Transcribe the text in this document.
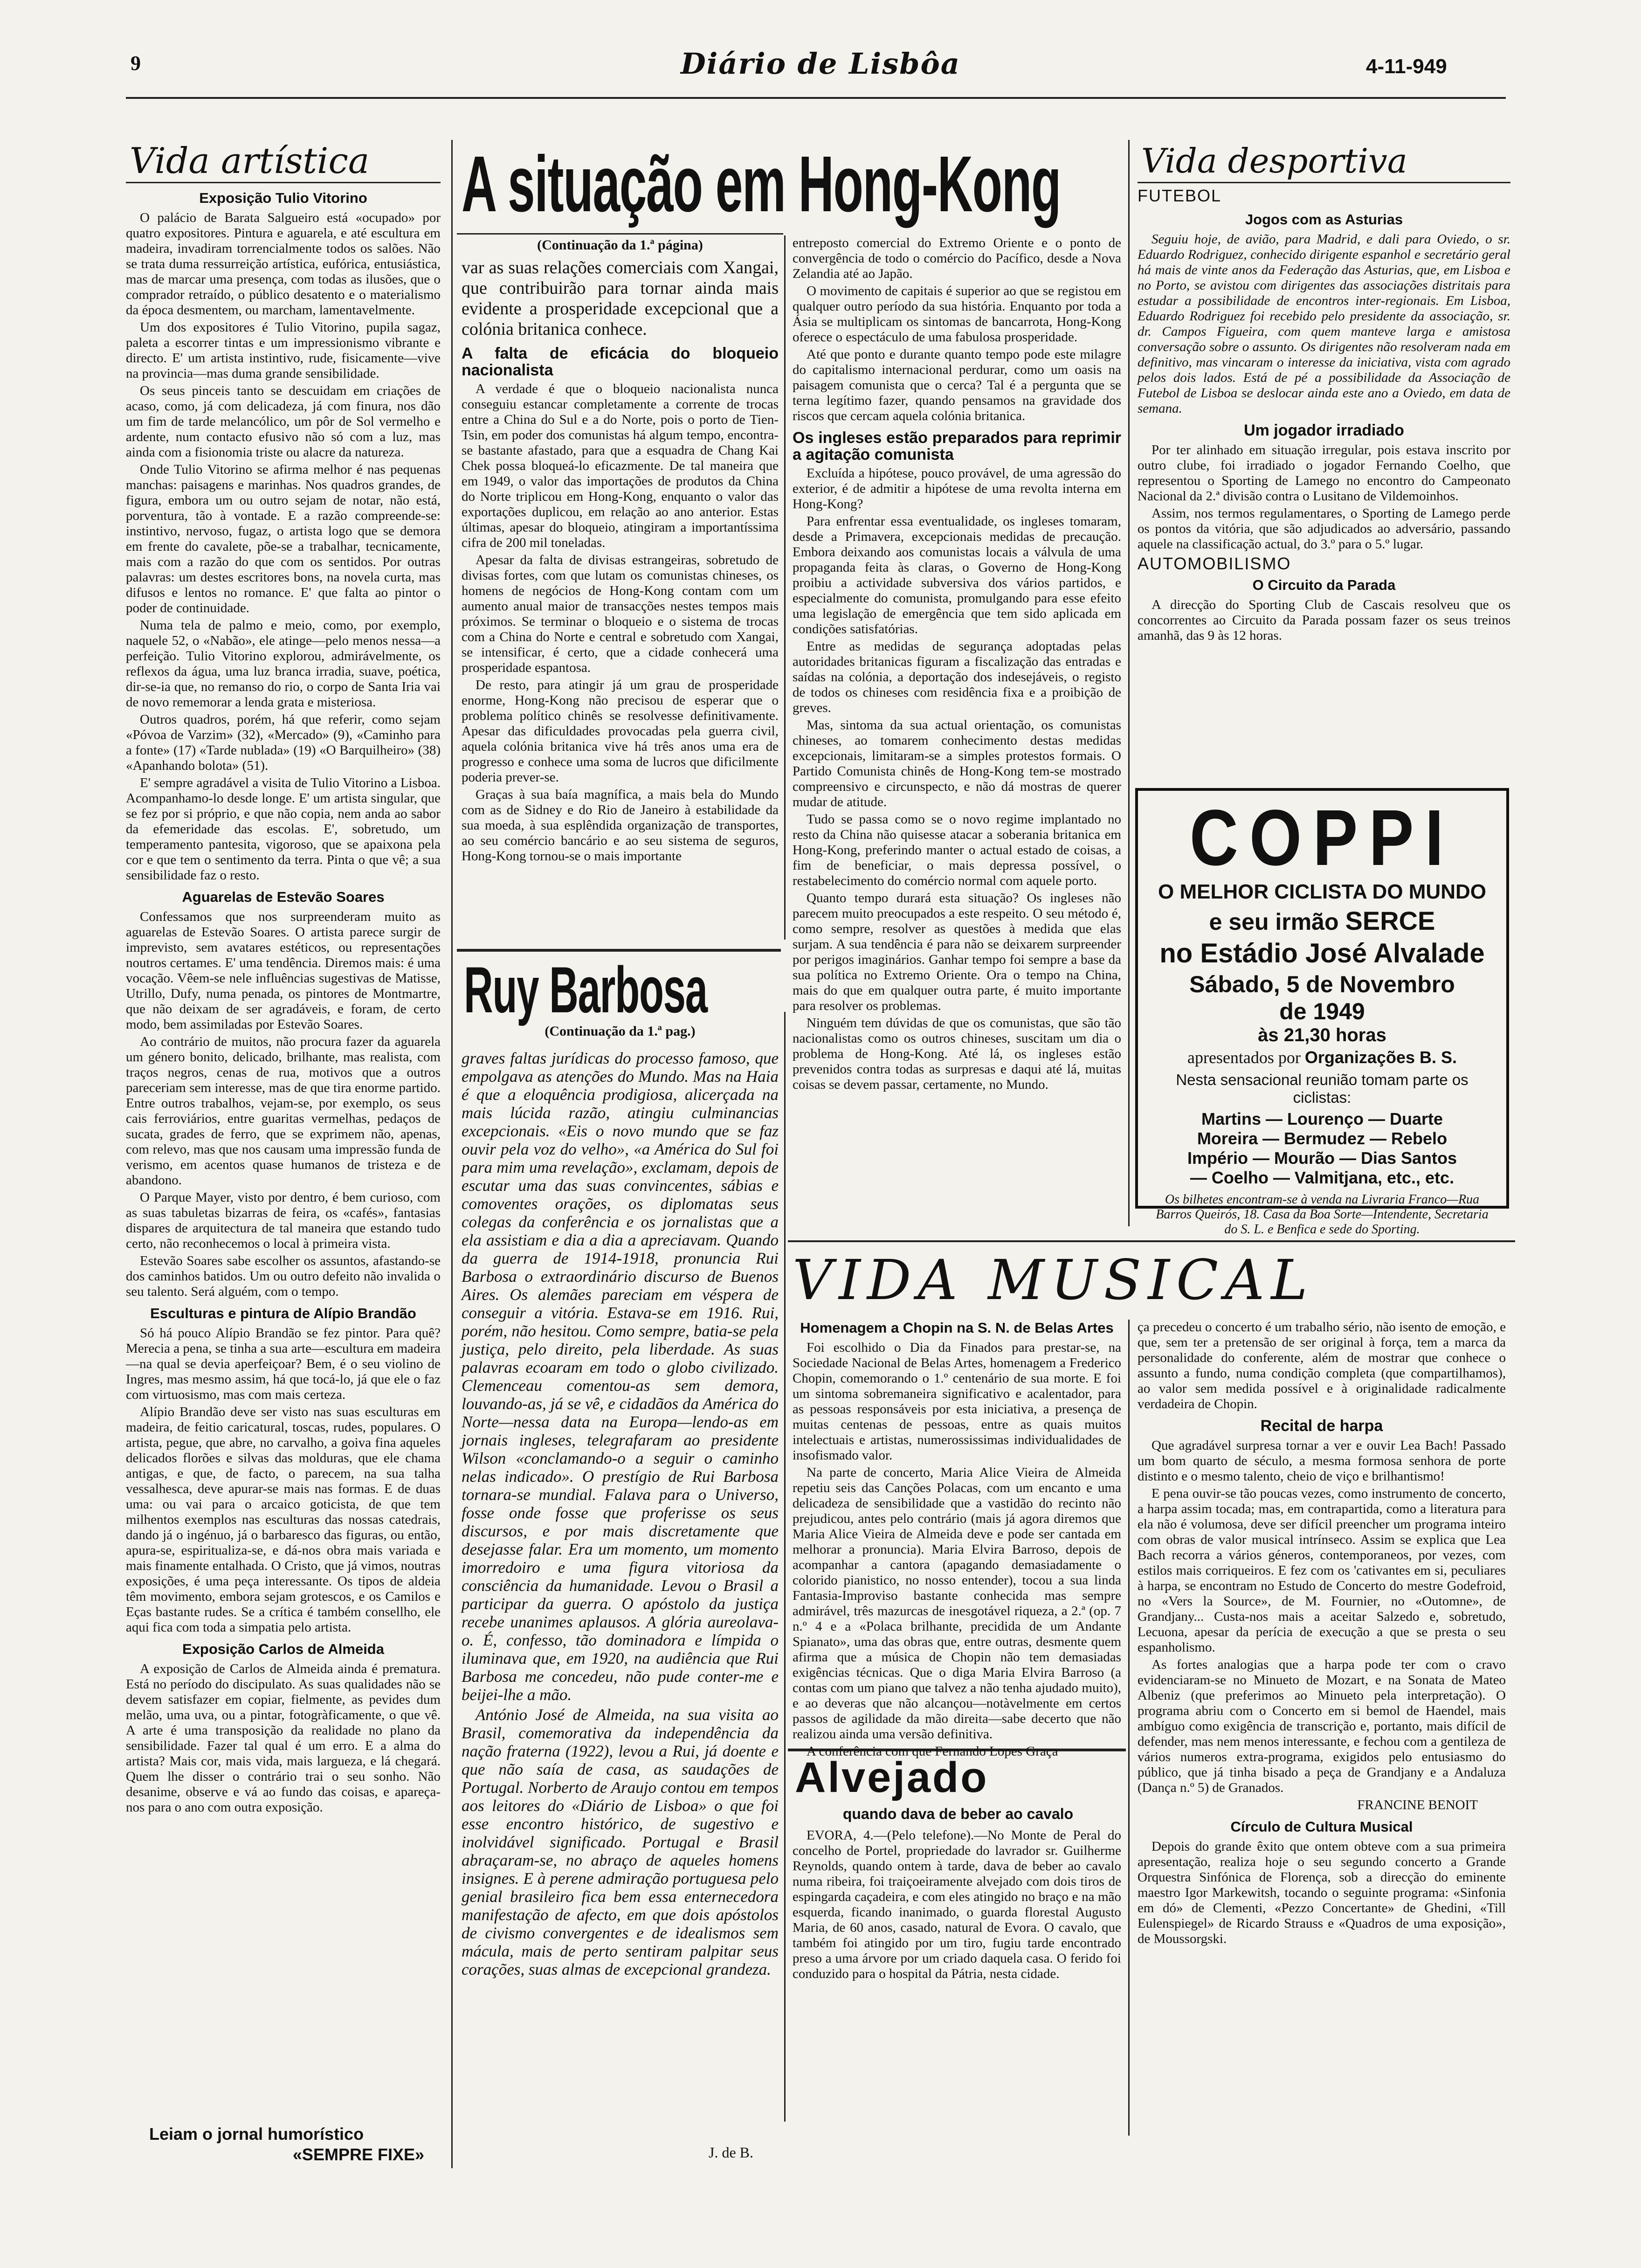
9	Diário de Lisbôa	4-11-949
Vida artística
Exposição Tulio Vitorino

O palácio de Barata Salgueiro está «ocupado» por quatro expositores. Pintura e aguarela, e até escultura em madeira, invadiram torrencialmente todos os salões. Não se trata duma ressurreição artística, eufórica, entusiástica, mas de marcar uma presença, com todas as ilusões, que o comprador retraído, o público desatento e o materialismo da época desmentem, ou marcham, lamentavelmente.

Um dos expositores é Tulio Vitorino, pupila sagaz, paleta a escorrer tintas e um impressionismo vibrante e directo. E' um artista instintivo, rude, fisicamente—vive na provincia—mas duma grande sensibilidade.

Os seus pinceis tanto se descuidam em criações de acaso, como, já com delicadeza, já com finura, nos dão um fim de tarde melancólico, um pôr de Sol vermelho e ardente, num contacto efusivo não só com a luz, mas ainda com a fisionomia triste ou alacre da natureza.

Onde Tulio Vitorino se afirma melhor é nas pequenas manchas: paisagens e marinhas. Nos quadros grandes, de figura, embora um ou outro sejam de notar, não está, porventura, tão à vontade. E a razão compreende-se: instintivo, nervoso, fugaz, o artista logo que se demora em frente do cavalete, põe-se a trabalhar, tecnicamente, mais com a razão do que com os sentidos. Por outras palavras: um destes escritores bons, na novela curta, mas difusos e lentos no romance. E' que falta ao pintor o poder de continuidade.

Numa tela de palmo e meio, como, por exemplo, naquele 52, o «Nabão», ele atinge—pelo menos nessa—a perfeição. Tulio Vitorino explorou, admirávelmente, os reflexos da água, uma luz branca irradia, suave, poética, dir-se-ia que, no remanso do rio, o corpo de Santa Iria vai de novo rememorar a lenda grata e misteriosa.

Outros quadros, porém, há que referir, como sejam «Póvoa de Varzim» (32), «Mercado» (9), «Caminho para a fonte» (17) «Tarde nublada» (19) «O Barquilheiro» (38) «Apanhando bolota» (51).

E' sempre agradável a visita de Tulio Vitorino a Lisboa. Acompanhamo-lo desde longe. E' um artista singular, que se fez por si próprio, e que não copia, nem anda ao sabor da efemeridade das escolas. E', sobretudo, um temperamento pantesita, vigoroso, que se apaixona pela cor e que tem o sentimento da terra. Pinta o que vê; a sua sensibilidade faz o resto.

Aguarelas de Estevão Soares

Confessamos que nos surpreenderam muito as aguarelas de Estevão Soares. O artista parece surgir de imprevisto, sem avatares estéticos, ou representações noutros certames. E' uma tendência. Diremos mais: é uma vocação. Vêem-se nele influências sugestivas de Matisse, Utrillo, Dufy, numa penada, os pintores de Montmartre, que não deixam de ser agradáveis, e foram, de certo modo, bem assimiladas por Estevão Soares.

Ao contrário de muitos, não procura fazer da aguarela um género bonito, delicado, brilhante, mas realista, com traços negros, cenas de rua, motivos que a outros pareceriam sem interesse, mas de que tira enorme partido. Entre outros trabalhos, vejam-se, por exemplo, os seus cais ferroviários, entre guaritas vermelhas, pedaços de sucata, grades de ferro, que se exprimem não, apenas, com relevo, mas que nos causam uma impressão funda de verismo, em acentos quase humanos de tristeza e de abandono.

O Parque Mayer, visto por dentro, é bem curioso, com as suas tabuletas bizarras de feira, os «cafés», fantasias dispares de arquitectura de tal maneira que estando tudo certo, não reconhecemos o local à primeira vista.

Estevão Soares sabe escolher os assuntos, afastando-se dos caminhos batidos. Um ou outro defeito não invalida o seu talento. Será alguém, com o tempo.

Esculturas e pintura de Alípio Brandão

Só há pouco Alípio Brandão se fez pintor. Para quê? Merecia a pena, se tinha a sua arte—escultura em madeira—na qual se devia aperfeiçoar? Bem, é o seu violino de Ingres, mas mesmo assim, há que tocá-lo, já que ele o faz com virtuosismo, mas com mais certeza.

Alípio Brandão deve ser visto nas suas esculturas em madeira, de feitio caricatural, toscas, rudes, populares. O artista, pegue, que abre, no carvalho, a goiva fina aqueles delicados florões e silvas das molduras, que ele chama antigas, e que, de facto, o parecem, na sua talha vessalhesca, deve apurar-se mais nas formas. E de duas uma: ou vai para o arcaico goticista, de que tem milhentos exemplos nas esculturas das nossas catedrais, dando já o ingénuo, já o barbaresco das figuras, ou então, apura-se, espiritualiza-se, e dá-nos obra mais variada e mais finamente entalhada. O Cristo, que já vimos, noutras exposições, é uma peça interessante. Os tipos de aldeia têm movimento, embora sejam grotescos, e os Camilos e Eças bastante rudes. Se a crítica é também consellho, ele aqui fica com toda a simpatia pelo artista.

Exposição Carlos de Almeida

A exposição de Carlos de Almeida ainda é prematura. Está no período do discipulato. As suas qualidades não se devem satisfazer em copiar, fielmente, as pevides dum melão, uma uva, ou a pintar, fotogràficamente, o que vê. A arte é uma transposição da realidade no plano da sensibilidade. Fazer tal qual é um erro. E a alma do artista? Mais cor, mais vida, mais largueza, e lá chegará. Quem lhe disser o contrário trai o seu sonho. Não desanime, observe e vá ao fundo das coisas, e apareça-nos para o ano com outra exposição.

Leiam o jornal humorístico
«SEMPRE FIXE»
A situação em Hong-Kong
(Continuação da 1.ª página)
var as suas relações comerciais com Xangai, que contribuirão para tornar ainda mais evidente a prosperidade excepcional que a colónia britanica conhece.
A falta de eficácia do bloqueio nacionalista

A verdade é que o bloqueio nacionalista nunca conseguiu estancar completamente a corrente de trocas entre a China do Sul e a do Norte, pois o porto de Tien-Tsin, em poder dos comunistas há algum tempo, encontra-se bastante afastado, para que a esquadra de Chang Kai Chek possa bloqueá-lo eficazmente. De tal maneira que em 1949, o valor das importações de produtos da China do Norte triplicou em Hong-Kong, enquanto o valor das exportações duplicou, em relação ao ano anterior. Estas últimas, apesar do bloqueio, atingiram a importantíssima cifra de 200 mil toneladas.

Apesar da falta de divisas estrangeiras, sobretudo de divisas fortes, com que lutam os comunistas chineses, os homens de negócios de Hong-Kong contam com um aumento anual maior de transacções nestes tempos mais próximos. Se terminar o bloqueio e o sistema de trocas com a China do Norte e central e sobretudo com Xangai, se intensificar, é certo, que a cidade conhecerá uma prosperidade espantosa.

De resto, para atingir já um grau de prosperidade enorme, Hong-Kong não precisou de esperar que o problema político chinês se resolvesse definitivamente. Apesar das dificuldades provocadas pela guerra civil, aquela colónia britanica vive há três anos uma era de progresso e conhece uma soma de lucros que dificilmente poderia prever-se.

Graças à sua baía magnífica, a mais bela do Mundo com as de Sidney e do Rio de Janeiro à estabilidade da sua moeda, à sua esplêndida organização de transportes, ao seu comércio bancário e ao seu sistema de seguros, Hong-Kong tornou-se o mais importante

entreposto comercial do Extremo Oriente e o ponto de convergência de todo o comércio do Pacífico, desde a Nova Zelandia até ao Japão.

O movimento de capitais é superior ao que se registou em qualquer outro período da sua história. Enquanto por toda a Ásia se multiplicam os sintomas de bancarrota, Hong-Kong oferece o espectáculo de uma fabulosa prosperidade.

Até que ponto e durante quanto tempo pode este milagre do capitalismo internacional perdurar, como um oasis na paisagem comunista que o cerca? Tal é a pergunta que se terna legítimo fazer, quando pensamos na gravidade dos riscos que cercam aquela colónia britanica.

Os ingleses estão preparados para reprimir a agitação comunista

Excluída a hipótese, pouco provável, de uma agressão do exterior, é de admitir a hipótese de uma revolta interna em Hong-Kong?

Para enfrentar essa eventualidade, os ingleses tomaram, desde a Primavera, excepcionais medidas de precaução. Embora deixando aos comunistas locais a válvula de uma propaganda feita às claras, o Governo de Hong-Kong proibiu a actividade subversiva dos vários partidos, e especialmente do comunista, promulgando para esse efeito uma legislação de emergência que tem sido aplicada em condições satisfatórias.

Entre as medidas de segurança adoptadas pelas autoridades britanicas figuram a fiscalização das entradas e saídas na colónia, a deportação dos indesejáveis, o registo de todos os chineses com residência fixa e a proibição de greves.

Mas, sintoma da sua actual orientação, os comunistas chineses, ao tomarem conhecimento destas medidas excepcionais, limitaram-se a simples protestos formais. O Partido Comunista chinês de Hong-Kong tem-se mostrado compreensivo e circunspecto, e não dá mostras de querer mudar de atitude.

Tudo se passa como se o novo regime implantado no resto da China não quisesse atacar a soberania britanica em Hong-Kong, preferindo manter o actual estado de coisas, a fim de beneficiar, o mais depressa possível, o restabelecimento do comércio normal com aquele porto.

Quanto tempo durará esta situação? Os ingleses não parecem muito preocupados a este respeito. O seu método é, como sempre, resolver as questões à medida que elas surjam. A sua tendência é para não se deixarem surpreender por perigos imaginários. Ganhar tempo foi sempre a base da sua política no Extremo Oriente. Ora o tempo na China, mais do que em qualquer outra parte, é muito importante para resolver os problemas.

Ninguém tem dúvidas de que os comunistas, que são tão nacionalistas como os outros chineses, suscitam um dia o problema de Hong-Kong. Até lá, os ingleses estão prevenidos contra todas as surpresas e daqui até lá, muitas coisas se devem passar, certamente, no Mundo.

Ruy Barbosa
(Continuação da 1.ª pag.)

graves faltas jurídicas do processo famoso, que empolgava as atenções do Mundo. Mas na Haia é que a eloquência prodigiosa, alicerçada na mais lúcida razão, atingiu culminancias excepcionais. «Eis o novo mundo que se faz ouvir pela voz do velho», «a América do Sul foi para mim uma revelação», exclamam, depois de escutar uma das suas convincentes, sábias e comoventes orações, os diplomatas seus colegas da conferência e os jornalistas que a ela assistiam e dia a dia a apreciavam. Quando da guerra de 1914-1918, pronuncia Rui Barbosa o extraordinário discurso de Buenos Aires. Os alemães pareciam em véspera de conseguir a vitória. Estava-se em 1916. Rui, porém, não hesitou. Como sempre, batia-se pela justiça, pelo direito, pela liberdade. As suas palavras ecoaram em todo o globo civilizado. Clemenceau comentou-as sem demora, louvando-as, já se vê, e cidadãos da América do Norte—nessa data na Europa—lendo-as em jornais ingleses, telegrafaram ao presidente Wilson «conclamando-o a seguir o caminho nelas indicado». O prestígio de Rui Barbosa tornara-se mundial. Falava para o Universo, fosse onde fosse que proferisse os seus discursos, e por mais discretamente que desejasse falar. Era um momento, um momento imorredoiro e uma figura vitoriosa da consciência da humanidade. Levou o Brasil a participar da guerra. O apóstolo da justiça recebe unanimes aplausos. A glória aureolava-o. É, confesso, tão dominadora e límpida o iluminava que, em 1920, na audiência que Rui Barbosa me concedeu, não pude conter-me e beijei-lhe a mão.

António José de Almeida, na sua visita ao Brasil, comemorativa da independência da nação fraterna (1922), levou a Rui, já doente e que não saía de casa, as saudações de Portugal. Norberto de Araujo contou em tempos aos leitores do «Diário de Lisboa» o que foi esse encontro histórico, de sugestivo e inolvidável significado. Portugal e Brasil abraçaram-se, no abraço de aqueles homens insignes. E à perene admiração portuguesa pelo genial brasileiro fica bem essa enternecedora manifestação de afecto, em que dois apóstolos de civismo convergentes e de idealismos sem mácula, mais de perto sentiram palpitar seus corações, suas almas de excepcional grandeza.

J. de B.
Vida desportiva
FUTEBOL
Jogos com as Asturias

Seguiu hoje, de avião, para Madrid, e dali para Oviedo, o sr. Eduardo Rodriguez, conhecido dirigente espanhol e secretário geral há mais de vinte anos da Federação das Asturias, que, em Lisboa e no Porto, se avistou com dirigentes das associações distritais para estudar a possibilidade de encontros inter-regionais. Em Lisboa, Eduardo Rodriguez foi recebido pelo presidente da associação, sr. dr. Campos Figueira, com quem manteve larga e amistosa conversação sobre o assunto. Os dirigentes não resolveram nada em definitivo, mas vincaram o interesse da iniciativa, vista com agrado pelos dois lados. Está de pé a possibilidade da Associação de Futebol de Lisboa se deslocar ainda este ano a Oviedo, em data de semana.

Um jogador irradiado

Por ter alinhado em situação irregular, pois estava inscrito por outro clube, foi irradiado o jogador Fernando Coelho, que representou o Sporting de Lamego no encontro do Campeonato Nacional da 2.ª divisão contra o Lusitano de Vildemoinhos.

Assim, nos termos regulamentares, o Sporting de Lamego perde os pontos da vitória, que são adjudicados ao adversário, passando aquele na classificação actual, do 3.º para o 5.º lugar.

AUTOMOBILISMO
O Circuito da Parada

A direcção do Sporting Club de Cascais resolveu que os concorrentes ao Circuito da Parada possam fazer os seus treinos amanhã, das 9 às 12 horas.

COPPI
O MELHOR CICLISTA DO MUNDO
e seu irmão SERCE
no Estádio José Alvalade
Sábado, 5 de Novembro
de 1949
às 21,30 horas
apresentados por Organizações B. S.
Nesta sensacional reunião tomam parte os ciclistas:
Martins — Lourenço — Duarte
Moreira — Bermudez — Rebelo
Império — Mourão — Dias Santos
— Coelho — Valmitjana, etc., etc.
Os bilhetes encontram-se à venda na Livraria Franco—Rua Barros Queirós, 18. Casa da Boa Sorte—Intendente, Secretaria do S. L. e Benfica e sede do Sporting.
VIDA MUSICAL
Homenagem a Chopin na S. N. de Belas Artes

Foi escolhido o Dia da Finados para prestar-se, na Sociedade Nacional de Belas Artes, homenagem a Frederico Chopin, comemorando o 1.º centenário de sua morte. E foi um sintoma sobremaneira significativo e acalentador, para as pessoas responsáveis por esta iniciativa, a presença de muitas centenas de pessoas, entre as quais muitos intelectuais e artistas, numerossissimas individualidades de insofismado valor.

Na parte de concerto, Maria Alice Vieira de Almeida repetiu seis das Canções Polacas, com um encanto e uma delicadeza de sensibilidade que a vastidão do recinto não prejudicou, antes pelo contrário (mais já agora diremos que Maria Alice Vieira de Almeida deve e pode ser cantada em melhorar a pronuncia). Maria Elvira Barroso, depois de acompanhar a cantora (apagando demasiadamente o colorido pianistico, no nosso entender), tocou a sua linda Fantasia-Improviso bastante conhecida mas sempre admirável, três mazurcas de inesgotável riqueza, a 2.ª (op. 7 n.º 4 e a «Polaca brilhante, precidida de um Andante Spianato», uma das obras que, entre outras, desmente quem afirma que a música de Chopin não tem demasiadas exigências técnicas. Que o diga Maria Elvira Barroso (a contas com um piano que talvez a não tenha ajudado muito), e ao deveras que não alcançou—notàvelmente em certos passos de agilidade da mão direita—sabe decerto que não realizou ainda uma versão definitiva.

A conferência com que Fernando Lopes Graça

ça precedeu o concerto é um trabalho sério, não isento de emoção, e que, sem ter a pretensão de ser original à força, tem a marca da personalidade do conferente, além de mostrar que conhece o assunto a fundo, numa condição completa (que compartilhamos), ao valor sem medida possível e à originalidade radicalmente verdadeira de Chopin.

Recital de harpa

Que agradável surpresa tornar a ver e ouvir Lea Bach! Passado um bom quarto de século, a mesma formosa senhora de porte distinto e o mesmo talento, cheio de viço e brilhantismo!

E pena ouvir-se tão poucas vezes, como instrumento de concerto, a harpa assim tocada; mas, em contrapartida, como a literatura para ela não é volumosa, deve ser difícil preencher um programa inteiro com obras de valor musical intrínseco. Assim se explica que Lea Bach recorra a vários géneros, contemporaneos, por vezes, com estilos mais corriqueiros. E fez com os 'cativantes em si, peculiares à harpa, se encontram no Estudo de Concerto do mestre Godefroid, no «Vers la Source», de M. Fournier, no «Outomne», de Grandjany... Custa-nos mais a aceitar Salzedo e, sobretudo, Lecuona, apesar da perícia de execução a que se presta o seu espanholismo.

As fortes analogias que a harpa pode ter com o cravo evidenciaram-se no Minueto de Mozart, e na Sonata de Mateo Albeniz (que preferimos ao Minueto pela interpretação). O programa abriu com o Concerto em si bemol de Haendel, mais ambíguo como exigência de transcrição e, portanto, mais difícil de defender, mas nem menos interessante, e fechou com a gentileza de vários numeros extra-programa, exigidos pelo entusiasmo do público, que já tinha bisado a peça de Grandjany e a Andaluza (Dança n.º 5) de Granados.

FRANCINE BENOIT
Círculo de Cultura Musical

Depois do grande êxito que ontem obteve com a sua primeira apresentação, realiza hoje o seu segundo concerto a Grande Orquestra Sinfónica de Florença, sob a direcção do eminente maestro Igor Markewitsh, tocando o seguinte programa: «Sinfonia em dó» de Clementi, «Pezzo Concertante» de Ghedini, «Till Eulenspiegel» de Ricardo Strauss e «Quadros de uma exposição», de Moussorgski.

Alvejado
quando dava de beber ao cavalo

EVORA, 4.—(Pelo telefone).—No Monte de Peral do concelho de Portel, propriedade do lavrador sr. Guilherme Reynolds, quando ontem à tarde, dava de beber ao cavalo numa ribeira, foi traiçoeiramente alvejado com dois tiros de espingarda caçadeira, e com eles atingido no braço e na mão esquerda, ficando inanimado, o guarda florestal Augusto Maria, de 60 anos, casado, natural de Evora. O cavalo, que também foi atingido por um tiro, fugiu tarde encontrado preso a uma árvore por um criado daquela casa. O ferido foi conduzido para o hospital da Pátria, nesta cidade.
